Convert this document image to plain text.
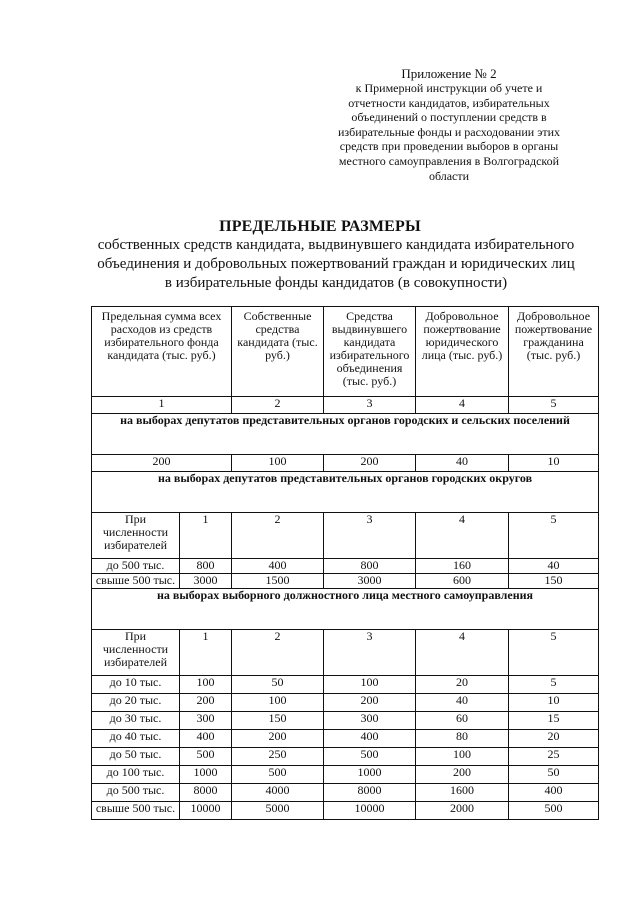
Приложение № 2
к Примерной инструкции об учете и
отчетности кандидатов, избирательных
объединений о поступлении средств в
избирательные фонды и расходовании этих
средств при проведении выборов в органы
местного самоуправления в Волгоградской
области
ПРЕДЕЛЬНЫЕ РАЗМЕРЫ
собственных средств кандидата, выдвинувшего кандидата избирательного
объединения и добровольных пожертвований граждан и юридических лиц
в избирательные фонды кандидатов (в совокупности)
Предельная сумма всех расходов из средств избирательного фонда кандидата (тыс. руб.)		Собственные средства кандидата (тыс. руб.)	Средства выдвинувшего кандидата избирательного объединения (тыс. руб.)	Добровольное пожертвование юридического лица (тыс. руб.)	Добровольное пожертвование гражданина (тыс. руб.)
1		2	3	4	5
на выборах депутатов представительных органов городских и сельских поселений					
200		100	200	40	10
на выборах депутатов представительных органов городских округов					
При численности избирателей	1	2	3	4	5
до 500 тыс.	800	400	800	160	40
свыше 500 тыс.	3000	1500	3000	600	150
на выборах выборного должностного лица местного самоуправления					
При численности избирателей	1	2	3	4	5
до 10 тыс.	100	50	100	20	5
до 20 тыс.	200	100	200	40	10
до 30 тыс.	300	150	300	60	15
до 40 тыс.	400	200	400	80	20
до 50 тыс.	500	250	500	100	25
до 100 тыс.	1000	500	1000	200	50
до 500 тыс.	8000	4000	8000	1600	400
свыше 500 тыс.	10000	5000	10000	2000	500
